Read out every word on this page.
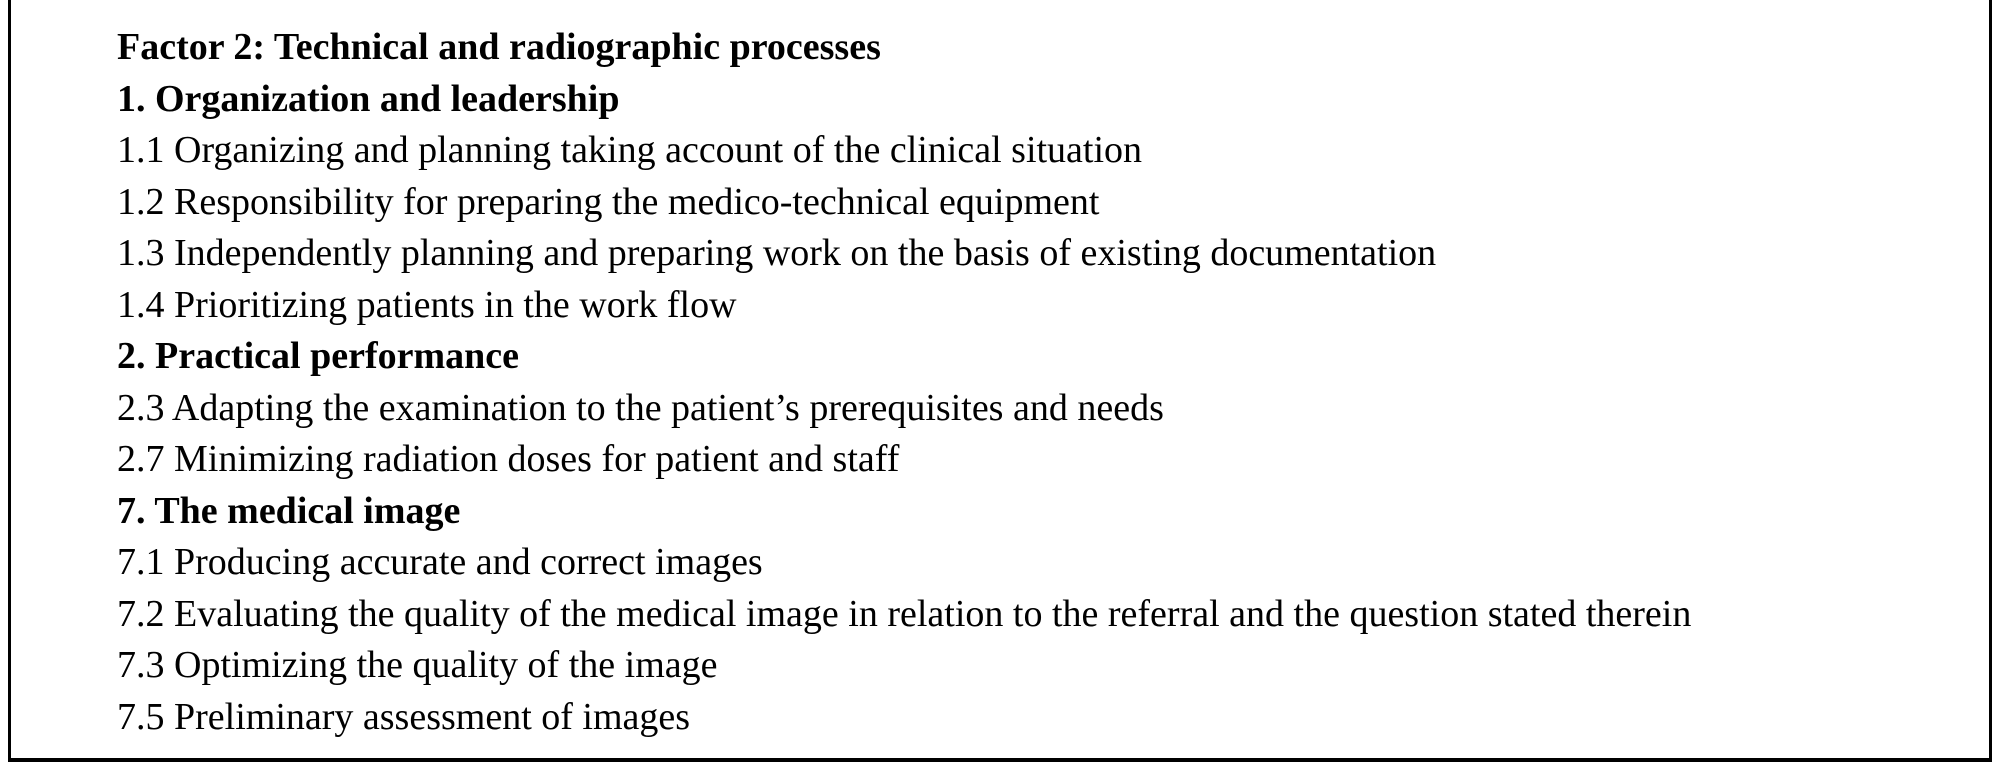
Factor 2: Technical and radiographic processes
1. Organization and leadership
1.1 Organizing and planning taking account of the clinical situation
1.2 Responsibility for preparing the medico-technical equipment
1.3 Independently planning and preparing work on the basis of existing documentation
1.4 Prioritizing patients in the work flow
2. Practical performance
2.3 Adapting the examination to the patient’s prerequisites and needs
2.7 Minimizing radiation doses for patient and staff
7. The medical image
7.1 Producing accurate and correct images
7.2 Evaluating the quality of the medical image in relation to the referral and the question stated therein
7.3 Optimizing the quality of the image
7.5 Preliminary assessment of images
